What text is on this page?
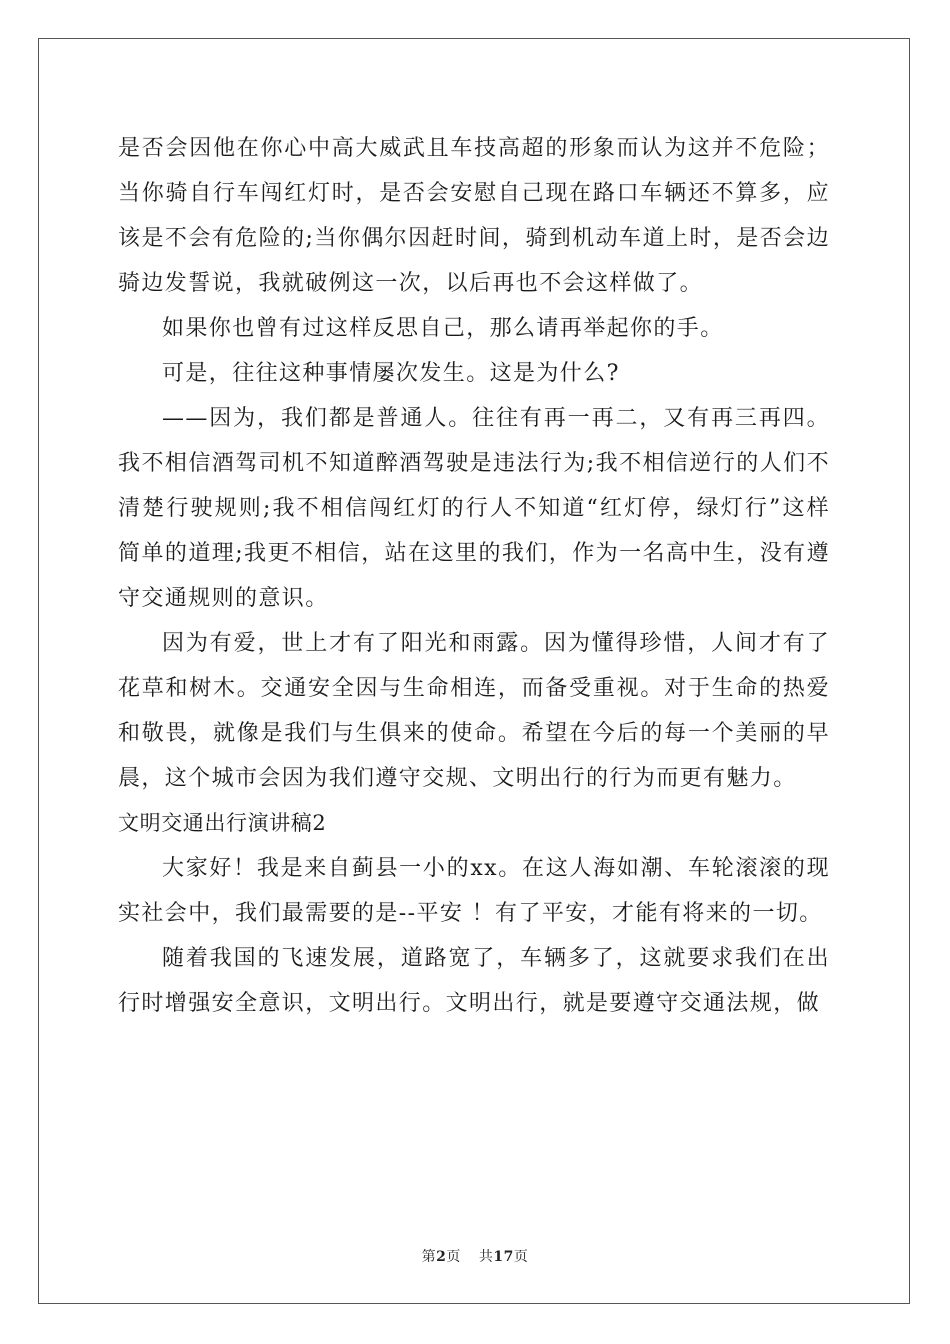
是否会因他在你心中高大威武且车技高超的形象而认为这并不危险；当你骑自行车闯红灯时，是否会安慰自己现在路口车辆还不算多，应该是不会有危险的;当你偶尔因赶时间，骑到机动车道上时，是否会边骑边发誓说，我就破例这一次，以后再也不会这样做了。

如果你也曾有过这样反思自己，那么请再举起你的手。

可是，往往这种事情屡次发生。这是为什么?

——因为，我们都是普通人。往往有再一再二，又有再三再四。我不相信酒驾司机不知道醉酒驾驶是违法行为;我不相信逆行的人们不清楚行驶规则;我不相信闯红灯的行人不知道“红灯停，绿灯行”这样简单的道理;我更不相信，站在这里的我们，作为一名高中生，没有遵守交通规则的意识。

因为有爱，世上才有了阳光和雨露。因为懂得珍惜，人间才有了花草和树木。交通安全因与生命相连，而备受重视。对于生命的热爱和敬畏，就像是我们与生俱来的使命。希望在今后的每一个美丽的早晨，这个城市会因为我们遵守交规、文明出行的行为而更有魅力。

文明交通出行演讲稿2

大家好！我是来自蓟县一小的xx。在这人海如潮、车轮滚滚的现实社会中，我们最需要的是--平安 ！有了平安，才能有将来的一切。

随着我国的飞速发展，道路宽了，车辆多了，这就要求我们在出行时增强安全意识，文明出行。文明出行，就是要遵守交通法规，做

第2页 共17页
